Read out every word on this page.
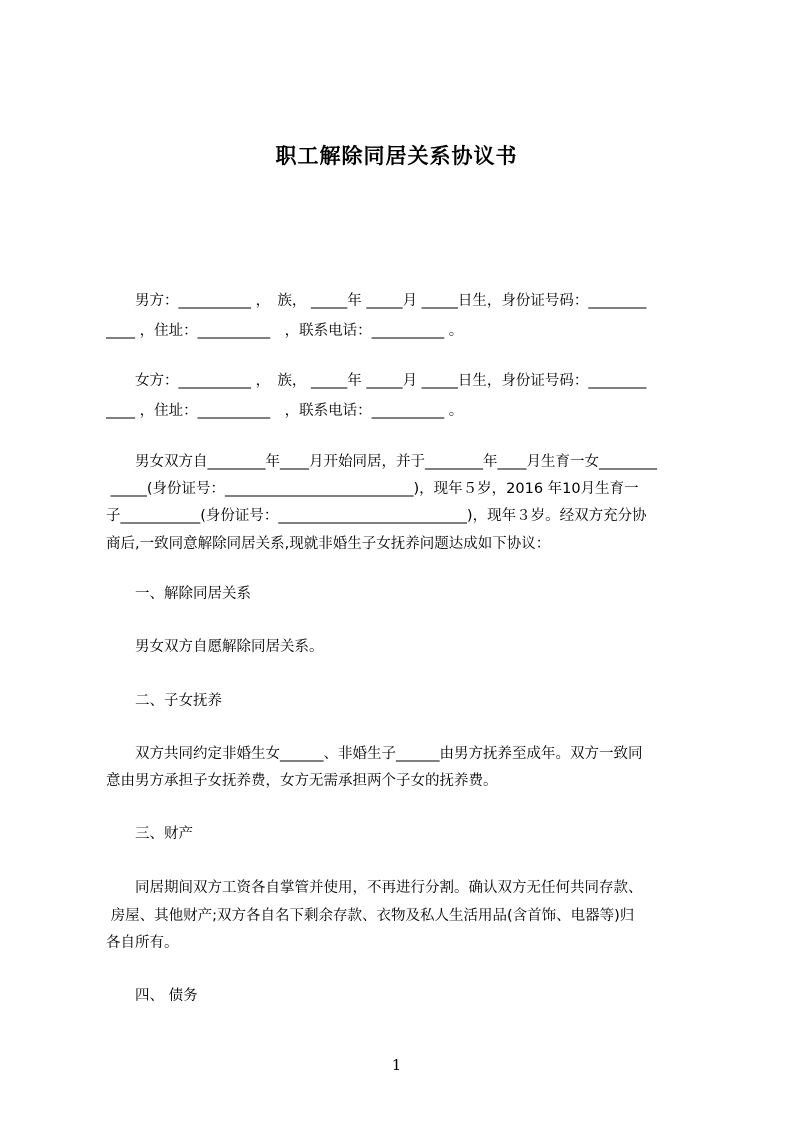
职工解除同居关系协议书
　　男方：__________ ，　族， _____年 _____月 _____日生，身份证号码：________
____ ，住址：__________　，联系电话：__________ 。
　　女方：__________ ，　族， _____年 _____月 _____日生，身份证号码：________
____ ，住址：__________　，联系电话：__________ 。
　　男女双方自________年____月开始同居，并于________年____月生育一女________
_____(身份证号：__________________________)，现年５岁，2016 年10月生育一
子___________(身份证号：__________________________)，现年３岁。经双方充分协
商后,一致同意解除同居关系,现就非婚生子女抚养问题达成如下协议：
一、解除同居关系
男女双方自愿解除同居关系。
二、子女抚养
　　双方共同约定非婚生女______、非婚生子______由男方抚养至成年。双方一致同
意由男方承担子女抚养费，女方无需承担两个子女的抚养费。
三、财产
　　同居期间双方工资各自掌管并使用，不再进行分割。确认双方无任何共同存款、
房屋、其他财产;双方各自名下剩余存款、衣物及私人生活用品(含首饰、电器等)归
各自所有。
四、 债务
1
